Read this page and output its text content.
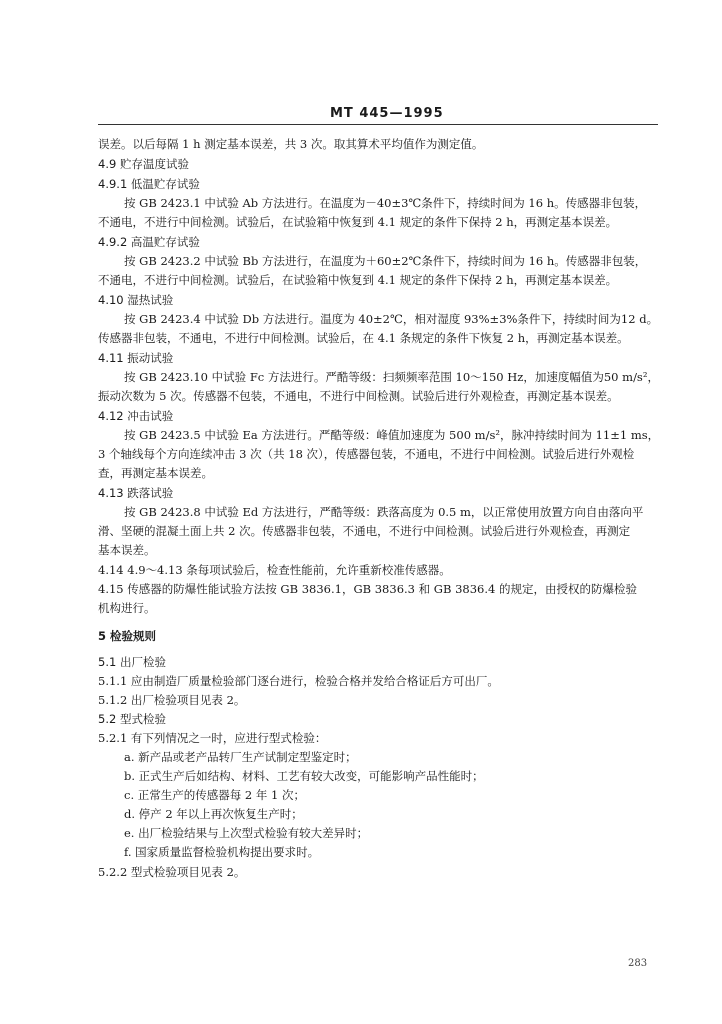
MT 445—1995
误差。以后每隔 1 h 测定基本误差，共 3 次。取其算术平均值作为测定值。
4.9 贮存温度试验
4.9.1 低温贮存试验
按 GB 2423.1 中试验 Ab 方法进行。在温度为－40±3℃条件下，持续时间为 16 h。传感器非包装，
不通电，不进行中间检测。试验后，在试验箱中恢复到 4.1 规定的条件下保持 2 h，再测定基本误差。
4.9.2 高温贮存试验
按 GB 2423.2 中试验 Bb 方法进行，在温度为＋60±2℃条件下，持续时间为 16 h。传感器非包装，
不通电，不进行中间检测。试验后，在试验箱中恢复到 4.1 规定的条件下保持 2 h，再测定基本误差。
4.10 湿热试验
按 GB 2423.4 中试验 Db 方法进行。温度为 40±2℃，相对湿度 93%±3%条件下，持续时间为12 d。
传感器非包装，不通电，不进行中间检测。试验后，在 4.1 条规定的条件下恢复 2 h，再测定基本误差。
4.11 振动试验
按 GB 2423.10 中试验 Fc 方法进行。严酷等级：扫频频率范围 10～150 Hz，加速度幅值为50 m/s²，
振动次数为 5 次。传感器不包装，不通电，不进行中间检测。试验后进行外观检查，再测定基本误差。
4.12 冲击试验
按 GB 2423.5 中试验 Ea 方法进行。严酷等级：峰值加速度为 500 m/s²，脉冲持续时间为 11±1 ms，
3 个轴线每个方向连续冲击 3 次（共 18 次），传感器包装，不通电，不进行中间检测。试验后进行外观检
查，再测定基本误差。
4.13 跌落试验
按 GB 2423.8 中试验 Ed 方法进行，严酷等级：跌落高度为 0.5 m，以正常使用放置方向自由落向平
滑、坚硬的混凝土面上共 2 次。传感器非包装，不通电，不进行中间检测。试验后进行外观检查，再测定
基本误差。
4.14 4.9～4.13 条每项试验后，检查性能前，允许重新校准传感器。
4.15 传感器的防爆性能试验方法按 GB 3836.1，GB 3836.3 和 GB 3836.4 的规定，由授权的防爆检验
机构进行。
5 检验规则
5.1 出厂检验
5.1.1 应由制造厂质量检验部门逐台进行，检验合格并发给合格证后方可出厂。
5.1.2 出厂检验项目见表 2。
5.2 型式检验
5.2.1 有下列情况之一时，应进行型式检验：
a. 新产品或老产品转厂生产试制定型鉴定时；
b. 正式生产后如结构、材料、工艺有较大改变，可能影响产品性能时；
c. 正常生产的传感器每 2 年 1 次；
d. 停产 2 年以上再次恢复生产时；
e. 出厂检验结果与上次型式检验有较大差异时；
f. 国家质量监督检验机构提出要求时。
5.2.2 型式检验项目见表 2。
283
